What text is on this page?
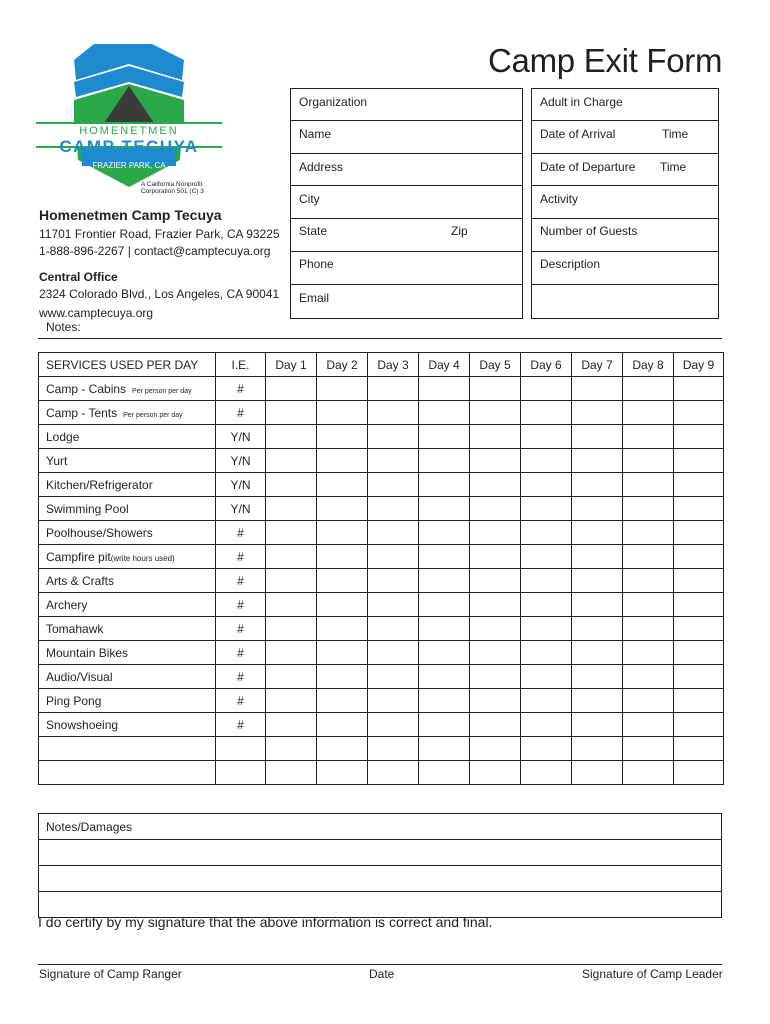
Camp Exit Form
HOMENETMEN
CAMP TECUYA
FRAZIER PARK, CA
A California Nonprofit
Corporation 501 (C) 3
Homenetmen Camp Tecuya
11701 Frontier Road, Frazier Park, CA 93225
1-888-896-2267 | contact@camptecuya.org
Central Office
2324 Colorado Blvd., Los Angeles, CA 90041
www.camptecuya.org
Notes:
Organization
Name
Address
City
State	Zip
Phone
Email
Adult in Charge
Date of Arrival	Time
Date of Departure Time
Activity
Number of Guests
Description
SERVICES USED PER DAY	I.E.	Day 1	Day 2	Day 3	Day 4	Day 5	Day 6	Day 7	Day 8	Day 9
Camp - Cabins Per person per day	#									
Camp - Tents Per person per day	#									
Lodge	Y/N									
Yurt	Y/N									
Kitchen/Refrigerator	Y/N									
Swimming Pool	Y/N									
Poolhouse/Showers	#									
Campfire pit(write hours used)	#									
Arts & Crafts	#									
Archery	#									
Tomahawk	#									
Mountain Bikes	#									
Audio/Visual	#									
Ping Pong	#									
Snowshoeing	#									

Notes/Damages

I do certify by my signature that the above information is correct and final.
Signature of Camp Ranger	Date	Signature of Camp Leader
